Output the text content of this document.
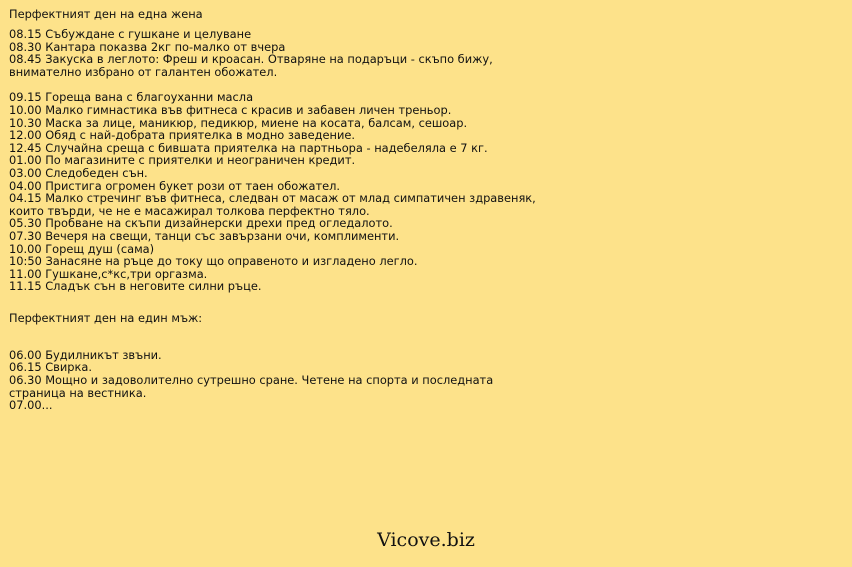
Перфектният ден на една жена

08.15 Събуждане с гушкане и целуване

08.30 Кантара показва 2кг по-малко от вчера

08.45 Закуска в леглото: Фреш и кроасан. Отваряне на подаръци - скъпо бижу, внимателно избрано от галантен обожател.

09.15 Гореща вана с благоуханни масла

10.00 Малко гимнастика във фитнеса с красив и забавен личен треньор.

10.30 Маска за лице, маникюр, педикюр, миене на косата, балсам, сешоар.

12.00 Обяд с най-добрата приятелка в модно заведение.

12.45 Случайна среща с бившата приятелка на партньора - надебеляла е 7 кг.

01.00 По магазините с приятелки и неограничен кредит.

03.00 Следобеден сън.

04.00 Пристига огромен букет рози от таен обожател.

04.15 Малко стречинг във фитнеса, следван от масаж от млад симпатичен здравеняк, които твърди, че не е масажирал толкова перфектно тяло.

05.30 Пробване на скъпи дизайнерски дрехи пред огледалото.

07.30 Вечеря на свещи, танци със завързани очи, комплименти.

10.00 Горещ душ (сама)

10:50 Занасяне на ръце до току що оправеното и изгладено легло.

11.00 Гушкане,с*кс,три оргазма.

11.15 Сладък сън в неговите силни ръце.

Перфектният ден на един мъж:

06.00 Будилникът звъни.

06.15 Свирка.

06.30 Мощно и задоволително сутрешно сране. Четене на спорта и последната страница на вестника.

07.00...

Vicove.biz
